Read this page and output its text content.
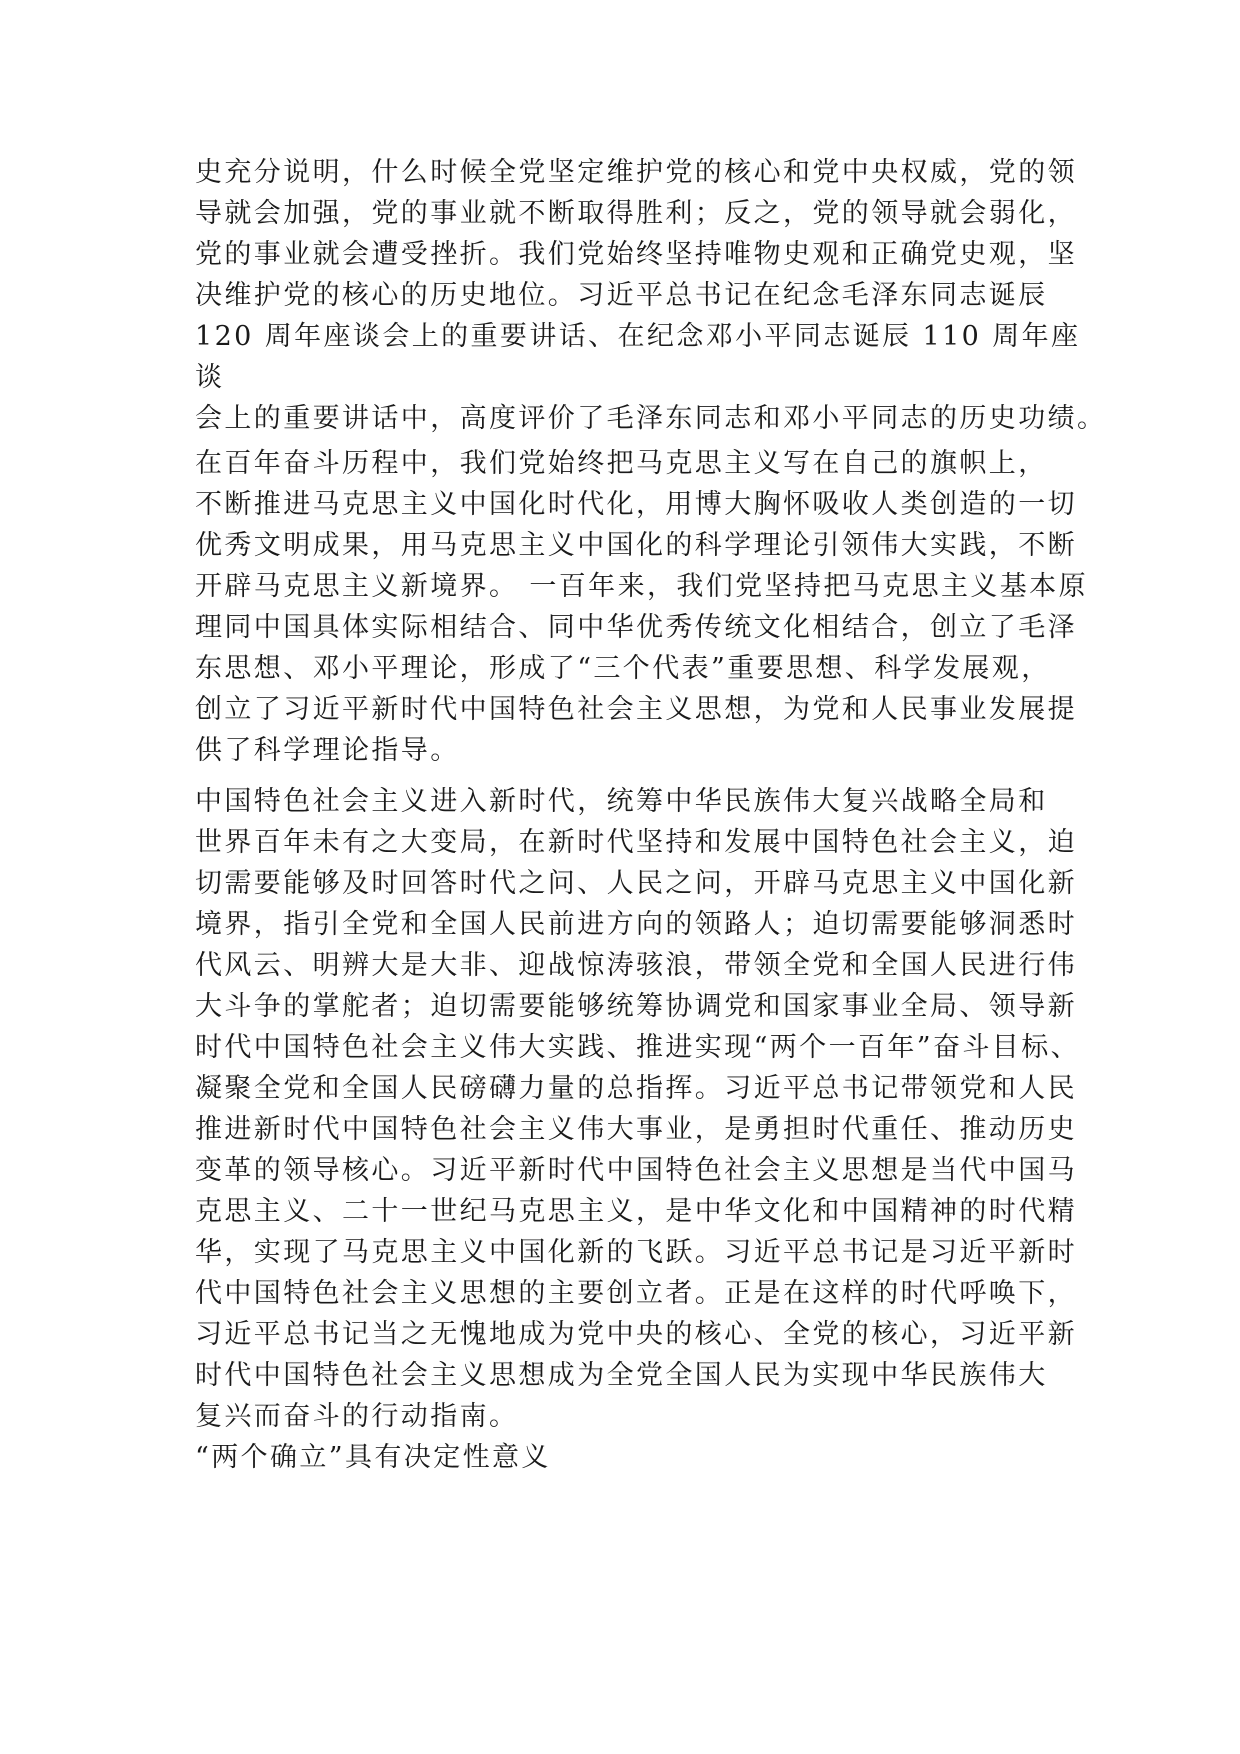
史充分说明，什么时候全党坚定维护党的核心和党中央权威，党的领
导就会加强，党的事业就不断取得胜利；反之，党的领导就会弱化，
党的事业就会遭受挫折。我们党始终坚持唯物史观和正确党史观，坚
决维护党的核心的历史地位。习近平总书记在纪念毛泽东同志诞辰
120 周年座谈会上的重要讲话、在纪念邓小平同志诞辰 110 周年座
谈
会上的重要讲话中，高度评价了毛泽东同志和邓小平同志的历史功绩。
在百年奋斗历程中，我们党始终把马克思主义写在自己的旗帜上，
不断推进马克思主义中国化时代化，用博大胸怀吸收人类创造的一切
优秀文明成果，用马克思主义中国化的科学理论引领伟大实践，不断
开辟马克思主义新境界。 一百年来，我们党坚持把马克思主义基本原
理同中国具体实际相结合、同中华优秀传统文化相结合，创立了毛泽
东思想、邓小平理论，形成了“三个代表”重要思想、科学发展观，
创立了习近平新时代中国特色社会主义思想，为党和人民事业发展提
供了科学理论指导。
中国特色社会主义进入新时代，统筹中华民族伟大复兴战略全局和
世界百年未有之大变局，在新时代坚持和发展中国特色社会主义，迫
切需要能够及时回答时代之问、人民之问，开辟马克思主义中国化新
境界，指引全党和全国人民前进方向的领路人；迫切需要能够洞悉时
代风云、明辨大是大非、迎战惊涛骇浪，带领全党和全国人民进行伟
大斗争的掌舵者；迫切需要能够统筹协调党和国家事业全局、领导新
时代中国特色社会主义伟大实践、推进实现“两个一百年”奋斗目标、
凝聚全党和全国人民磅礴力量的总指挥。习近平总书记带领党和人民
推进新时代中国特色社会主义伟大事业，是勇担时代重任、推动历史
变革的领导核心。习近平新时代中国特色社会主义思想是当代中国马
克思主义、二十一世纪马克思主义，是中华文化和中国精神的时代精
华，实现了马克思主义中国化新的飞跃。习近平总书记是习近平新时
代中国特色社会主义思想的主要创立者。正是在这样的时代呼唤下，
习近平总书记当之无愧地成为党中央的核心、全党的核心，习近平新
时代中国特色社会主义思想成为全党全国人民为实现中华民族伟大
复兴而奋斗的行动指南。
“两个确立”具有决定性意义
